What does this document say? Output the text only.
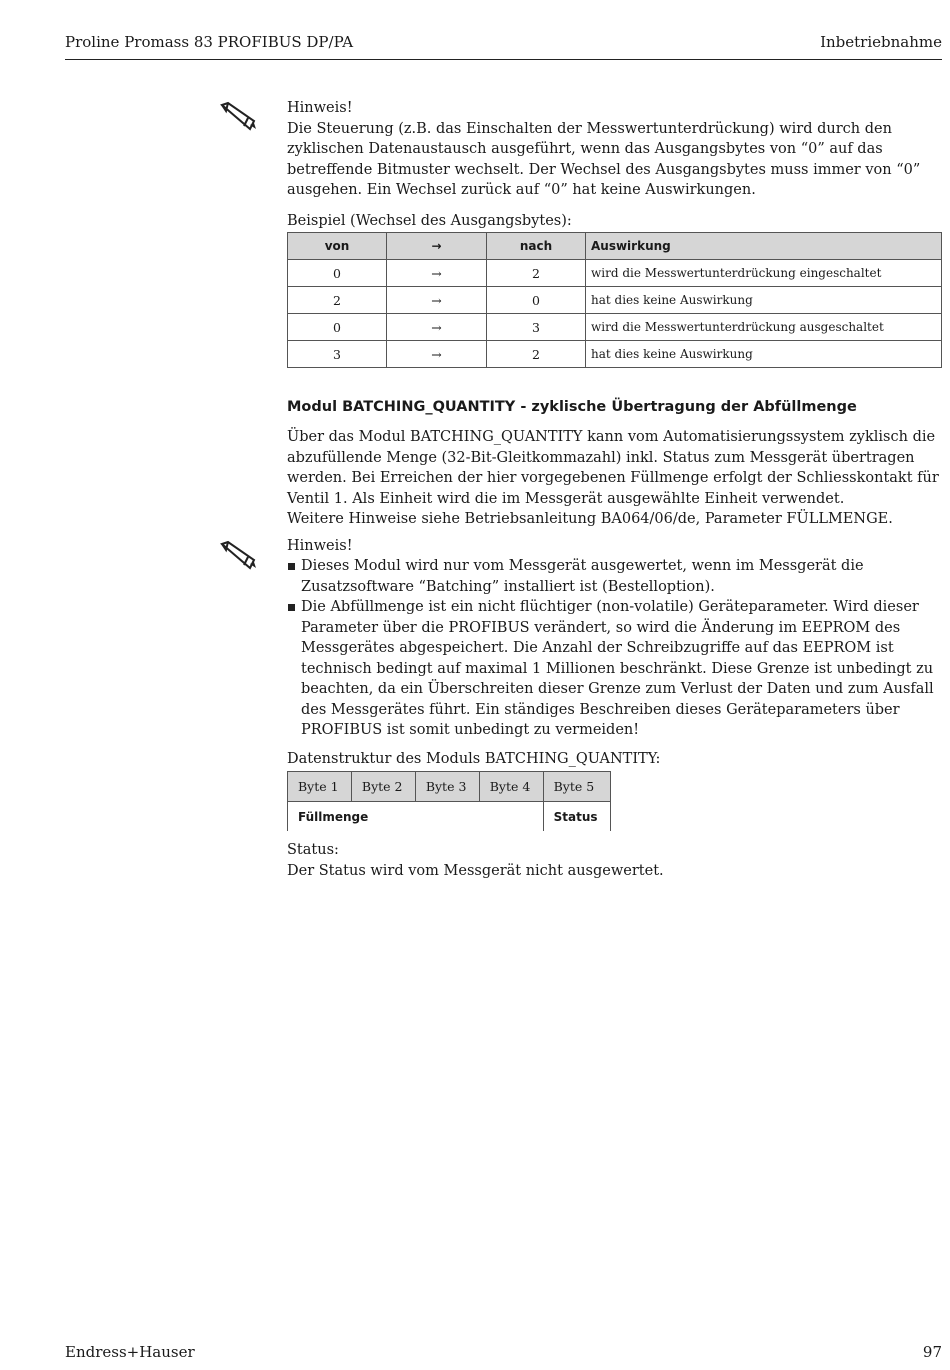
Proline Promass 83 PROFIBUS DP/PA	Inbetriebnahme

Hinweis!

Die Steuerung (z.B. das Einschalten der Messwertunterdrückung) wird durch den zyklischen Datenaustausch ausgeführt, wenn das Ausgangsbytes von “0” auf das betreffende Bitmuster wechselt. Der Wechsel des Ausgangsbytes muss immer von “0” ausgehen. Ein Wechsel zurück auf “0” hat keine Auswirkungen.

Beispiel (Wechsel des Ausgangsbytes):

von	→	nach	Auswirkung
0	→	2	wird die Messwertunterdrückung eingeschaltet
2	→	0	hat dies keine Auswirkung
0	→	3	wird die Messwertunterdrückung ausgeschaltet
3	→	2	hat dies keine Auswirkung

Modul BATCHING_QUANTITY - zyklische Übertragung der Abfüllmenge

Über das Modul BATCHING_QUANTITY kann vom Automatisierungssystem zyklisch die abzufüllende Menge (32-Bit-Gleitkommazahl) inkl. Status zum Messgerät übertragen werden. Bei Erreichen der hier vorgegebenen Füllmenge erfolgt der Schliesskontakt für Ventil 1. Als Einheit wird die im Messgerät ausgewählte Einheit verwendet.

Weitere Hinweise siehe Betriebsanleitung BA064/06/de, Parameter FÜLLMENGE.

Hinweis!

Dieses Modul wird nur vom Messgerät ausgewertet, wenn im Messgerät die Zusatzsoftware “Batching” installiert ist (Bestelloption).
Die Abfüllmenge ist ein nicht flüchtiger (non-volatile) Geräteparameter. Wird dieser Parameter über die PROFIBUS verändert, so wird die Änderung im EEPROM des Messgerätes abgespeichert. Die Anzahl der Schreibzugriffe auf das EEPROM ist technisch bedingt auf maximal 1 Millionen beschränkt. Diese Grenze ist unbedingt zu beachten, da ein Überschreiten dieser Grenze zum Verlust der Daten und zum Ausfall des Messgerätes führt. Ein ständiges Beschreiben dieses Geräteparameters über PROFIBUS ist somit unbedingt zu vermeiden!

Datenstruktur des Moduls BATCHING_QUANTITY:

Byte 1	Byte 2	Byte 3	Byte 4	Byte 5
Füllmenge				Status

Status:

Der Status wird vom Messgerät nicht ausgewertet.

Endress+Hauser	97
